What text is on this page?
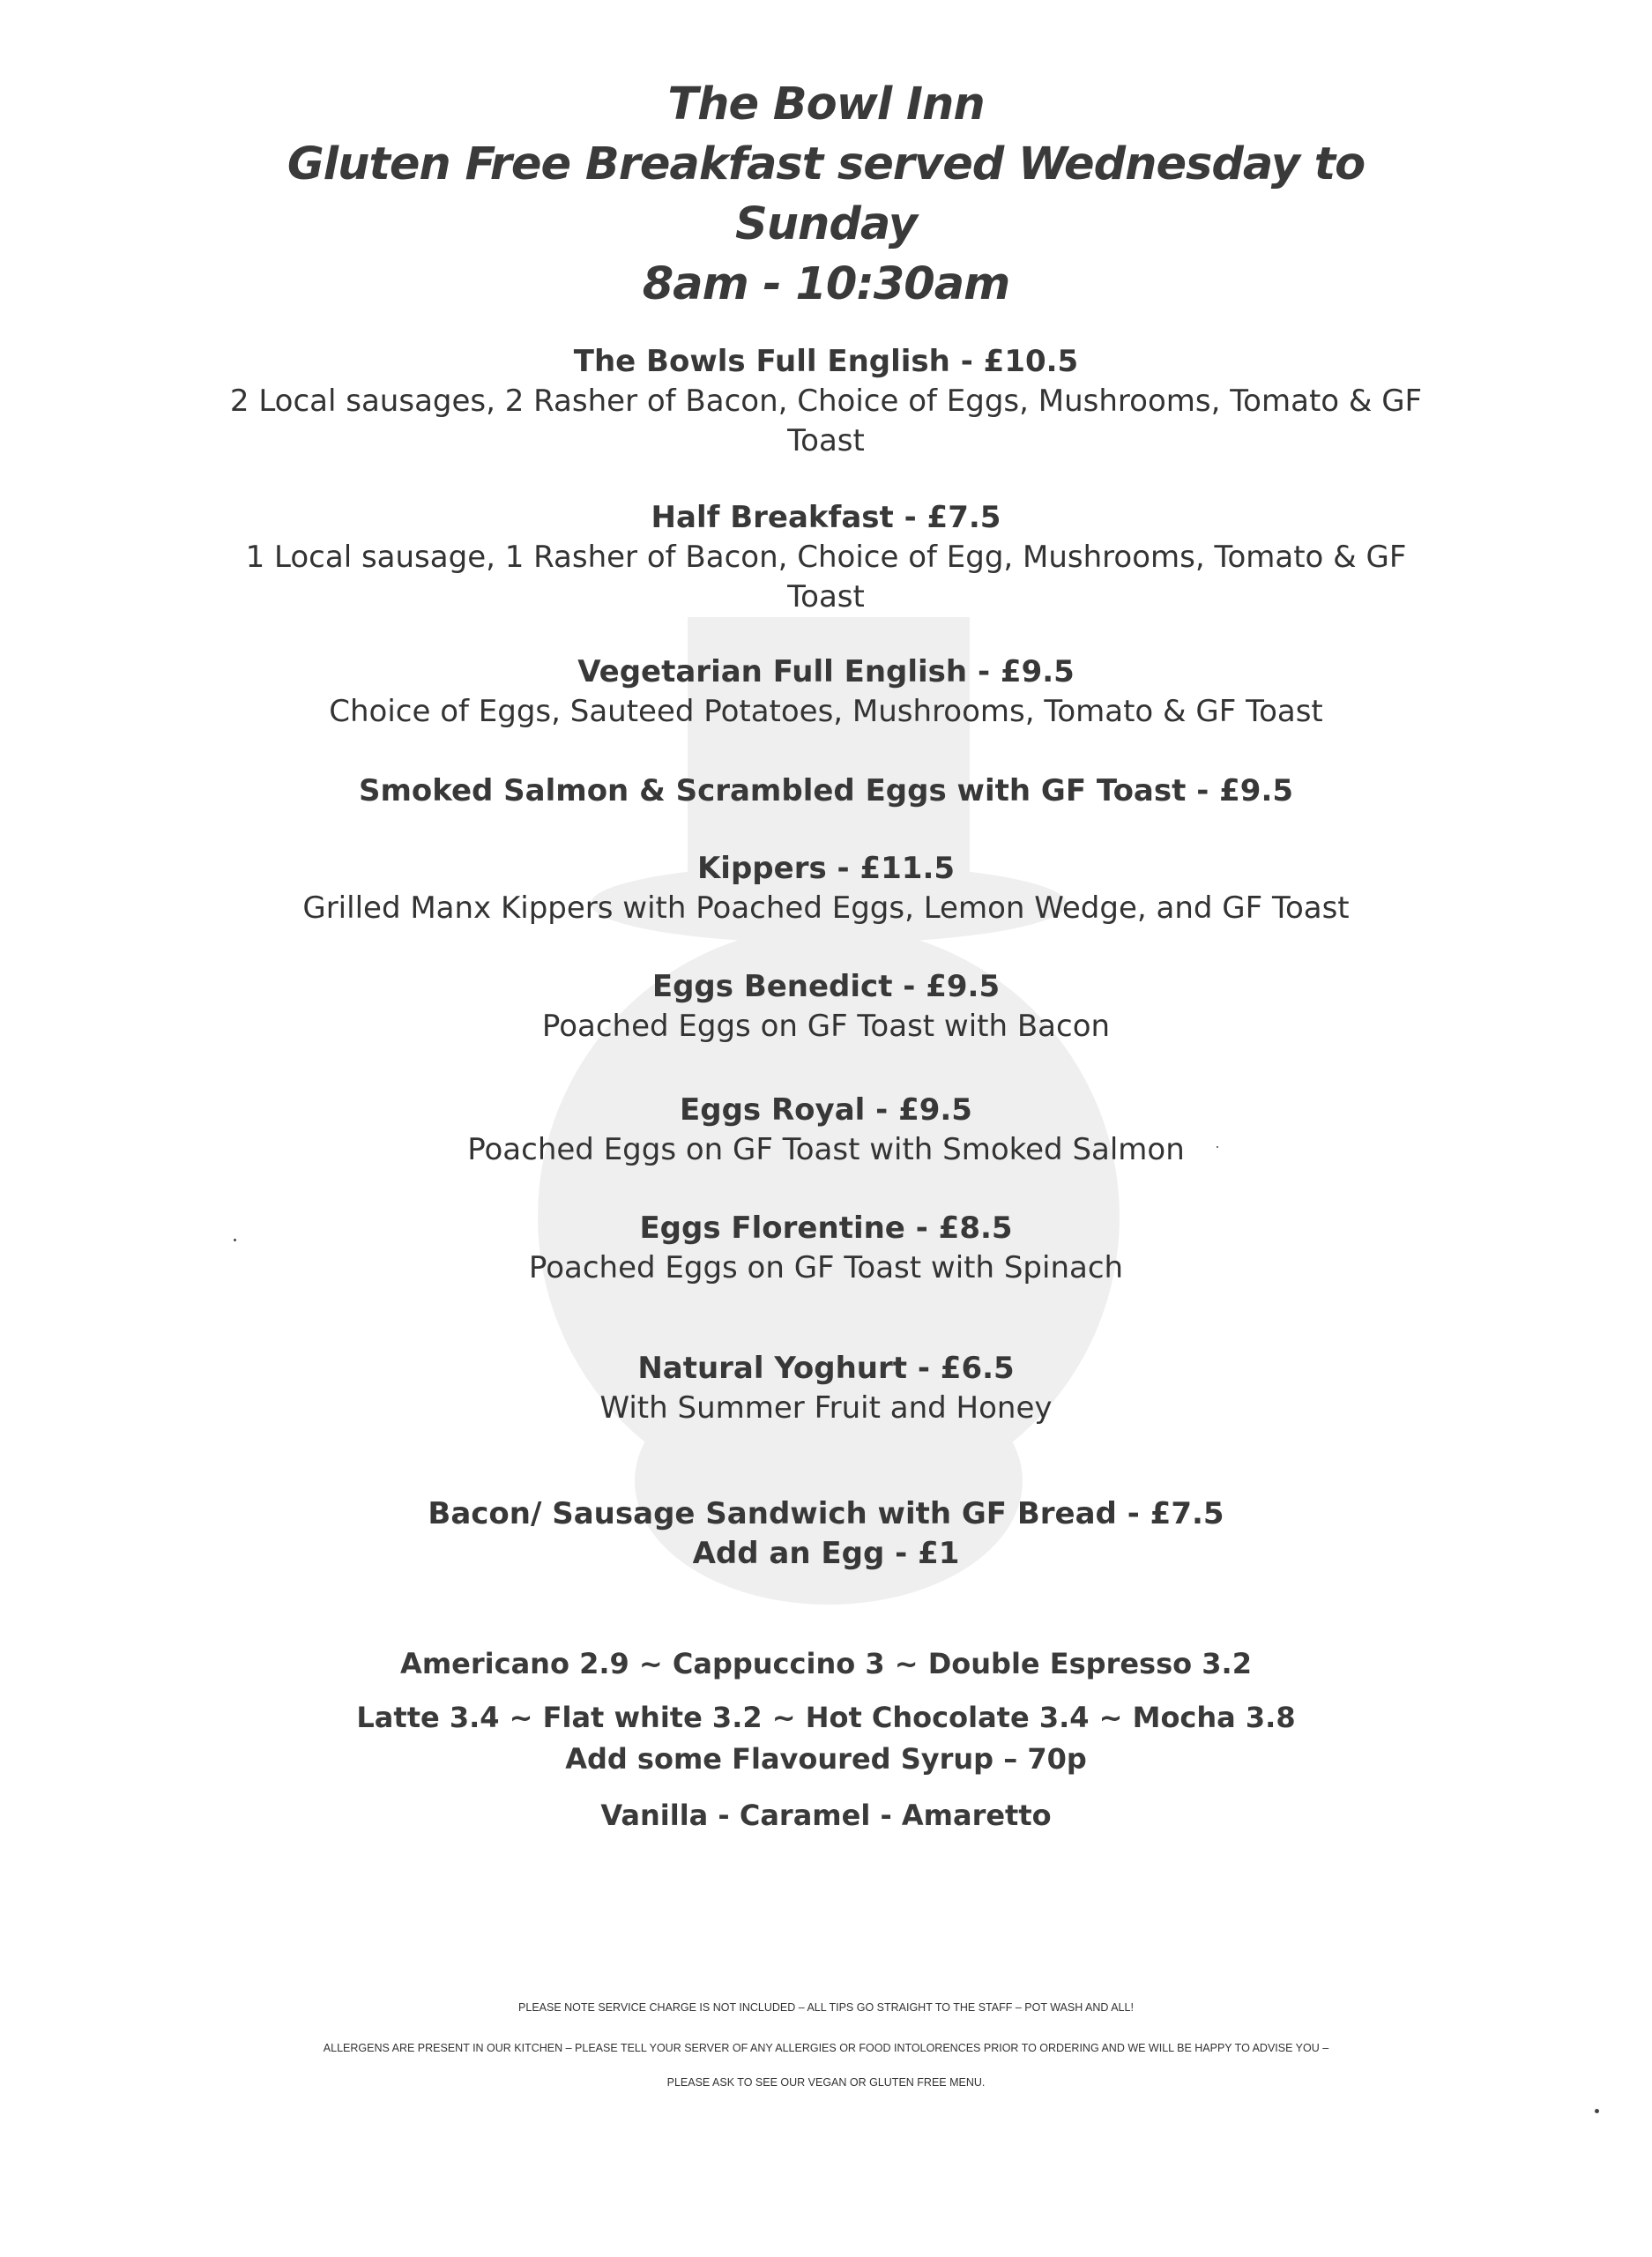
The Bowl Inn
Gluten Free Breakfast served Wednesday to
Sunday
8am - 10:30am
The Bowls Full English - £10.5
2 Local sausages, 2 Rasher of Bacon, Choice of Eggs, Mushrooms, Tomato & GF
Toast
Half Breakfast - £7.5
1 Local sausage, 1 Rasher of Bacon, Choice of Egg, Mushrooms, Tomato & GF
Toast
Vegetarian Full English - £9.5
Choice of Eggs, Sauteed Potatoes, Mushrooms, Tomato & GF Toast
Smoked Salmon & Scrambled Eggs with GF Toast - £9.5
Kippers - £11.5
Grilled Manx Kippers with Poached Eggs, Lemon Wedge, and GF Toast
Eggs Benedict - £9.5
Poached Eggs on GF Toast with Bacon
Eggs Royal - £9.5
Poached Eggs on GF Toast with Smoked Salmon
Eggs Florentine - £8.5
Poached Eggs on GF Toast with Spinach
Natural Yoghurt - £6.5
With Summer Fruit and Honey
Bacon/ Sausage Sandwich with GF Bread - £7.5
Add an Egg - £1
Americano 2.9 ~ Cappuccino 3 ~ Double Espresso 3.2
Latte 3.4 ~ Flat white 3.2 ~ Hot Chocolate 3.4 ~ Mocha 3.8
Add some Flavoured Syrup – 70p
Vanilla - Caramel - Amaretto
PLEASE NOTE SERVICE CHARGE IS NOT INCLUDED – ALL TIPS GO STRAIGHT TO THE STAFF – POT WASH AND ALL!
ALLERGENS ARE PRESENT IN OUR KITCHEN – PLEASE TELL YOUR SERVER OF ANY ALLERGIES OR FOOD INTOLORENCES PRIOR TO ORDERING AND WE WILL BE HAPPY TO ADVISE YOU –
PLEASE ASK TO SEE OUR VEGAN OR GLUTEN FREE MENU.
